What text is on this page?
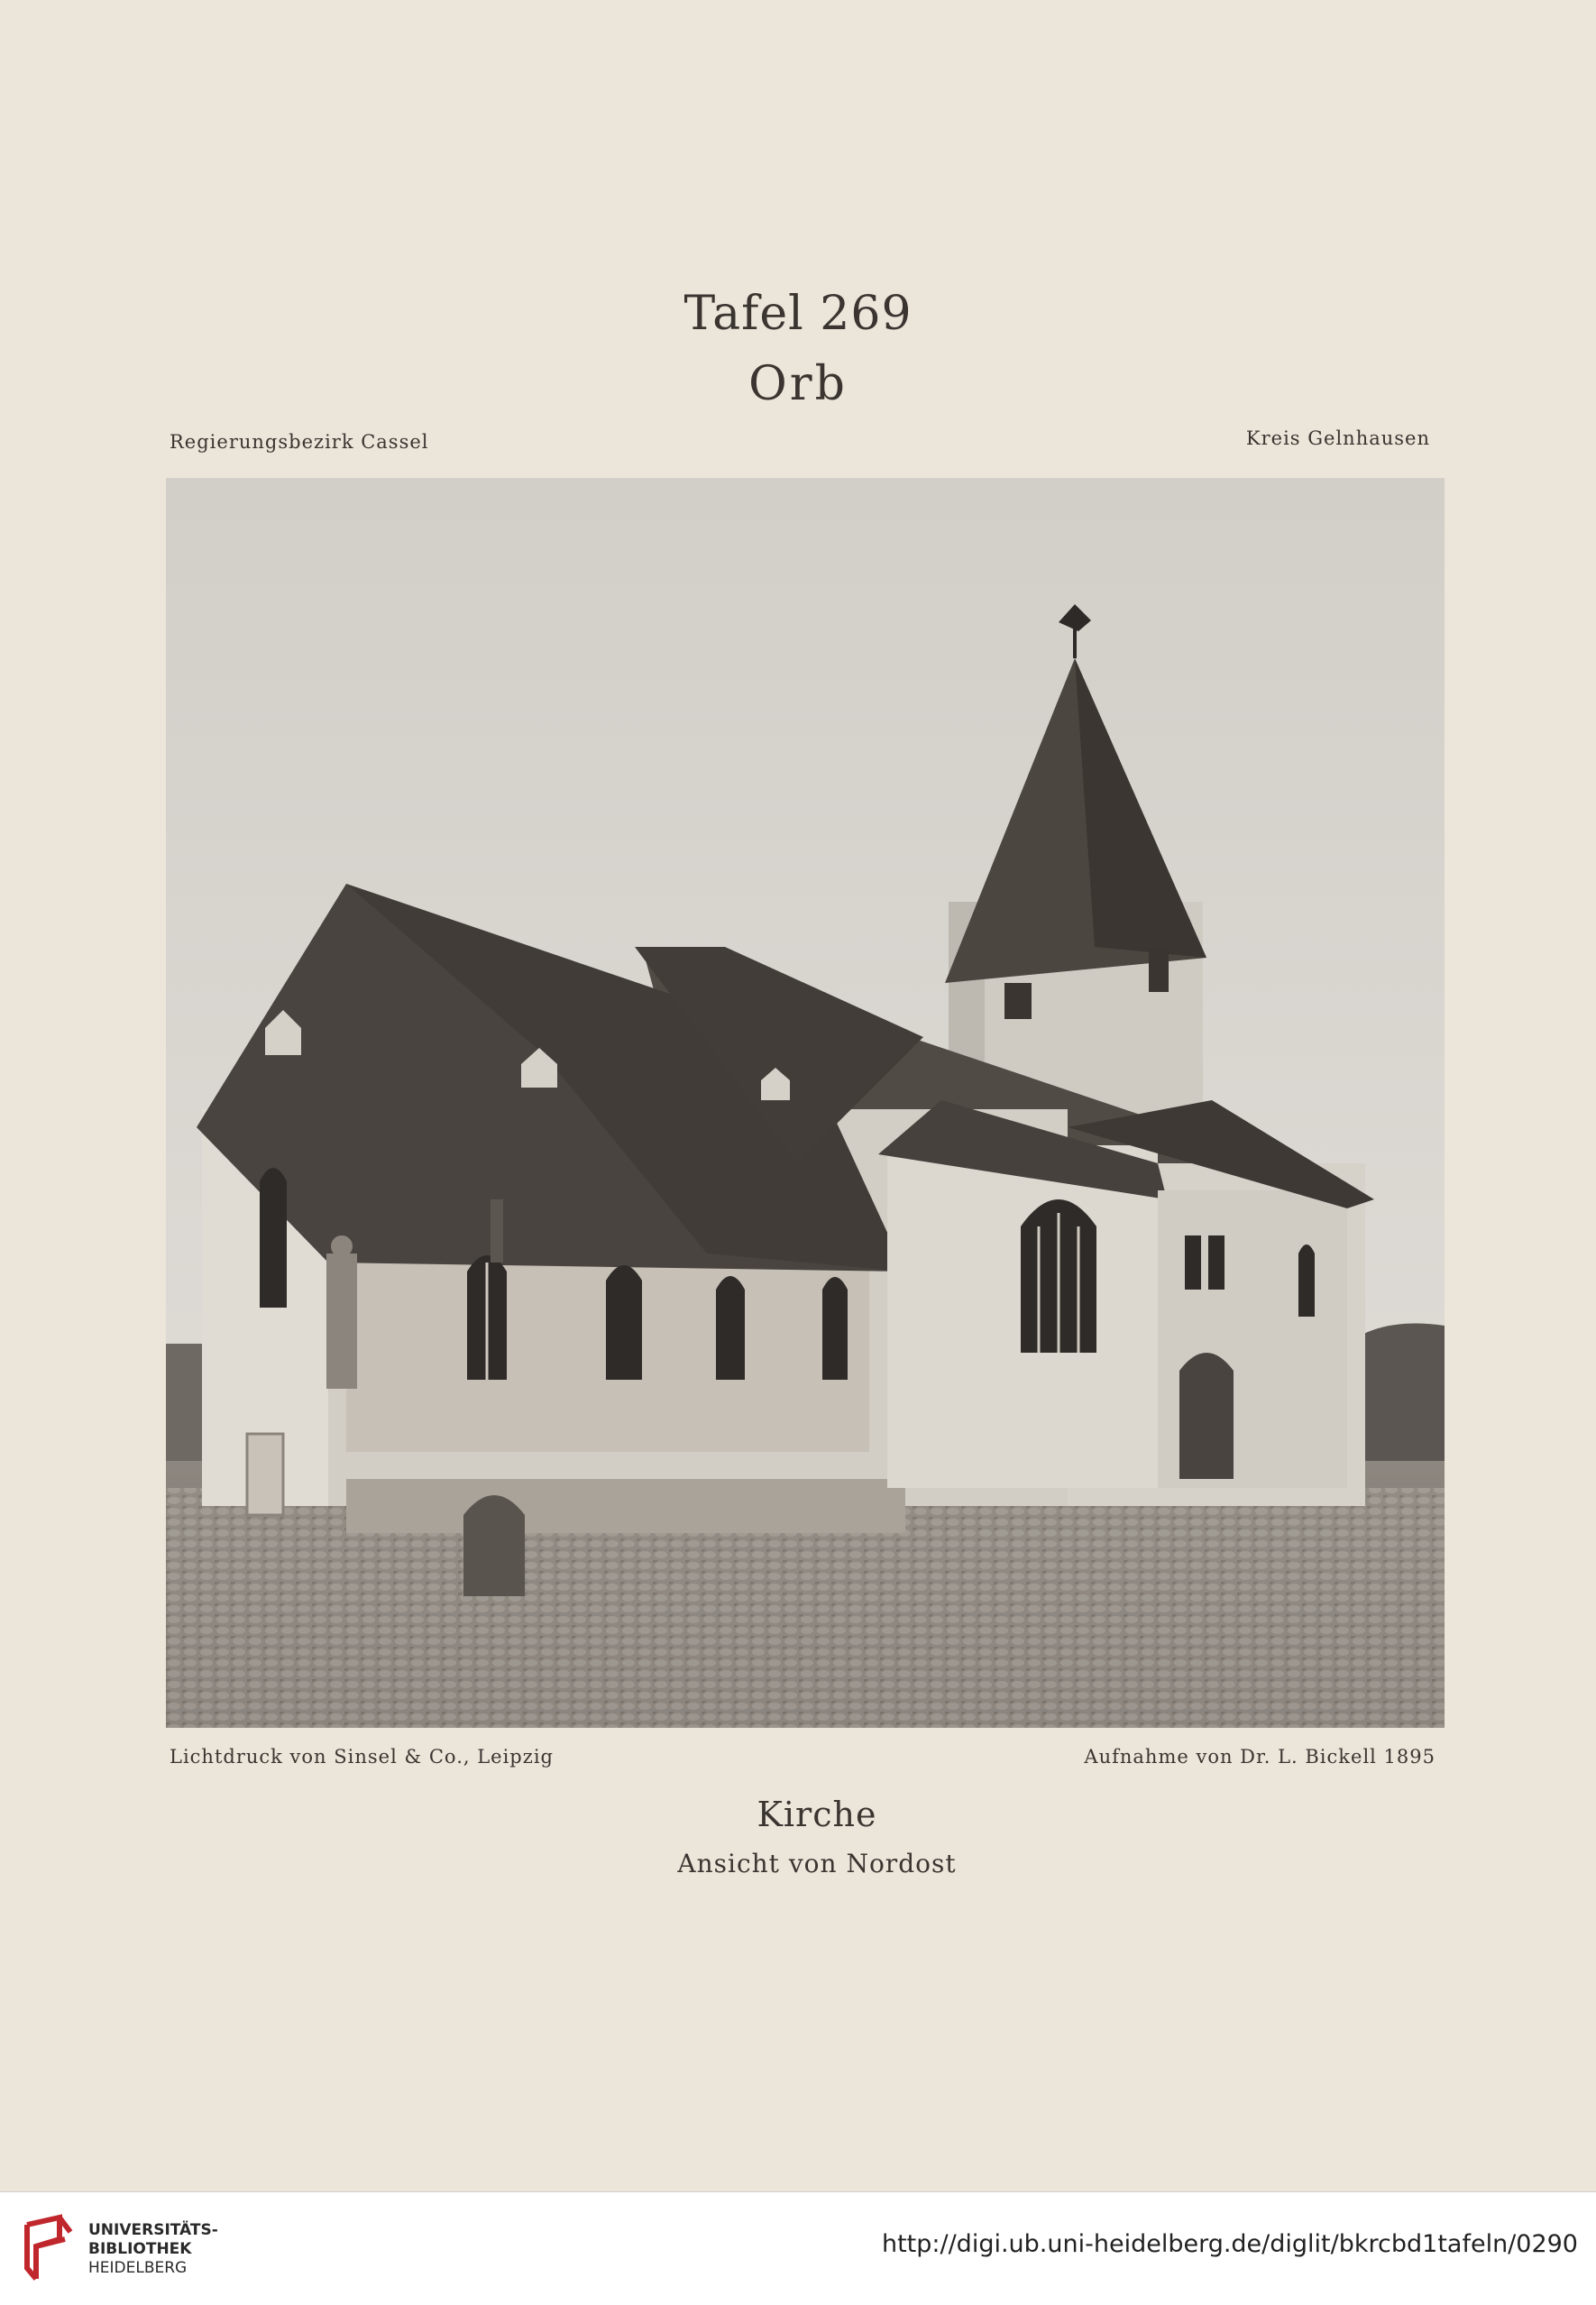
Tafel 269
Orb
Regierungsbezirk Cassel	Kreis Gelnhausen
Lichtdruck von Sinsel & Co., Leipzig	Aufnahme von Dr. L. Bickell 1895
Kirche
Ansicht von Nordost
UNIVERSITÄTS-
BIBLIOTHEK
HEIDELBERG
http://digi.ub.uni-heidelberg.de/diglit/bkrcbd1tafeln/0290
